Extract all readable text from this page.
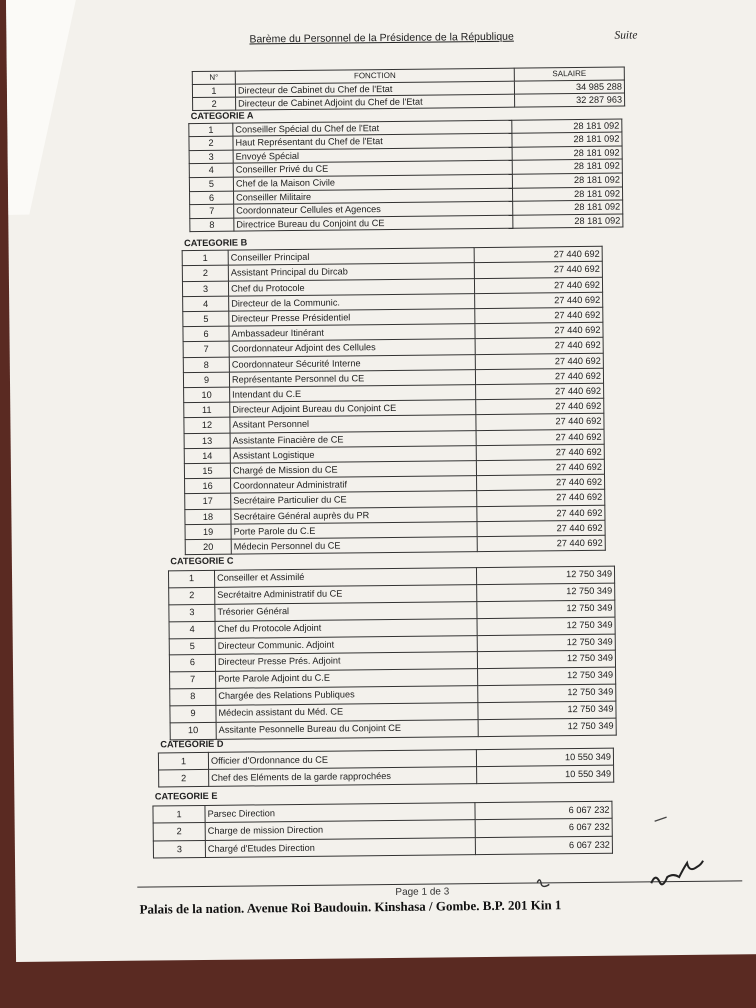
Barème du Personnel de la Présidence de la République	Suite
N°	FONCTION	SALAIRE
1	Directeur de Cabinet du Chef de l'Etat	34 985 288
2	Directeur de Cabinet Adjoint du Chef de l'Etat	32 287 963
CATEGORIE A		
1	Conseiller Spécial du Chef de l'Etat	28 181 092
2	Haut Représentant du Chef de l'Etat	28 181 092
3	Envoyé Spécial	28 181 092
4	Conseiller Privé du CE	28 181 092
5	Chef de la Maison Civile	28 181 092
6	Conseiller Militaire	28 181 092
7	Coordonnateur Cellules et Agences	28 181 092
8	Directrice Bureau du Conjoint du CE	28 181 092
CATEGORIE B		
1	Conseiller Principal	27 440 692
2	Assistant Principal du Dircab	27 440 692
3	Chef du Protocole	27 440 692
4	Directeur de la Communic.	27 440 692
5	Directeur Presse Présidentiel	27 440 692
6	Ambassadeur Itinérant	27 440 692
7	Coordonnateur Adjoint des Cellules	27 440 692
8	Coordonnateur Sécurité Interne	27 440 692
9	Représentante Personnel du CE	27 440 692
10	Intendant du C.E	27 440 692
11	Directeur Adjoint Bureau du Conjoint CE	27 440 692
12	Assitant Personnel	27 440 692
13	Assistante Finacière de CE	27 440 692
14	Assistant Logistique	27 440 692
15	Chargé de Mission du CE	27 440 692
16	Coordonnateur Administratif	27 440 692
17	Secrétaire Particulier du CE	27 440 692
18	Secrétaire Général auprès du PR	27 440 692
19	Porte Parole du C.E	27 440 692
20	Médecin Personnel du CE	27 440 692
CATEGORIE C		
1	Conseiller et Assimilé	12 750 349
2	Secrétaitre Administratif du CE	12 750 349
3	Trésorier Général	12 750 349
4	Chef du Protocole Adjoint	12 750 349
5	Directeur Communic. Adjoint	12 750 349
6	Directeur Presse Prés. Adjoint	12 750 349
7	Porte Parole Adjoint du C.E	12 750 349
8	Chargée des Relations Publiques	12 750 349
9	Médecin assistant du Méd. CE	12 750 349
10	Assitante Pesonnelle Bureau du Conjoint CE	12 750 349
CATEGORIE D		
1	Officier d'Ordonnance du CE	10 550 349
2	Chef des Eléments de la garde rapprochées	10 550 349
CATEGORIE E		
1	Parsec Direction	6 067 232
2	Charge de mission Direction	6 067 232
3	Chargé d'Etudes Direction	6 067 232
Page 1 de 3
Palais de la nation. Avenue Roi Baudouin. Kinshasa / Gombe. B.P. 201 Kin 1
